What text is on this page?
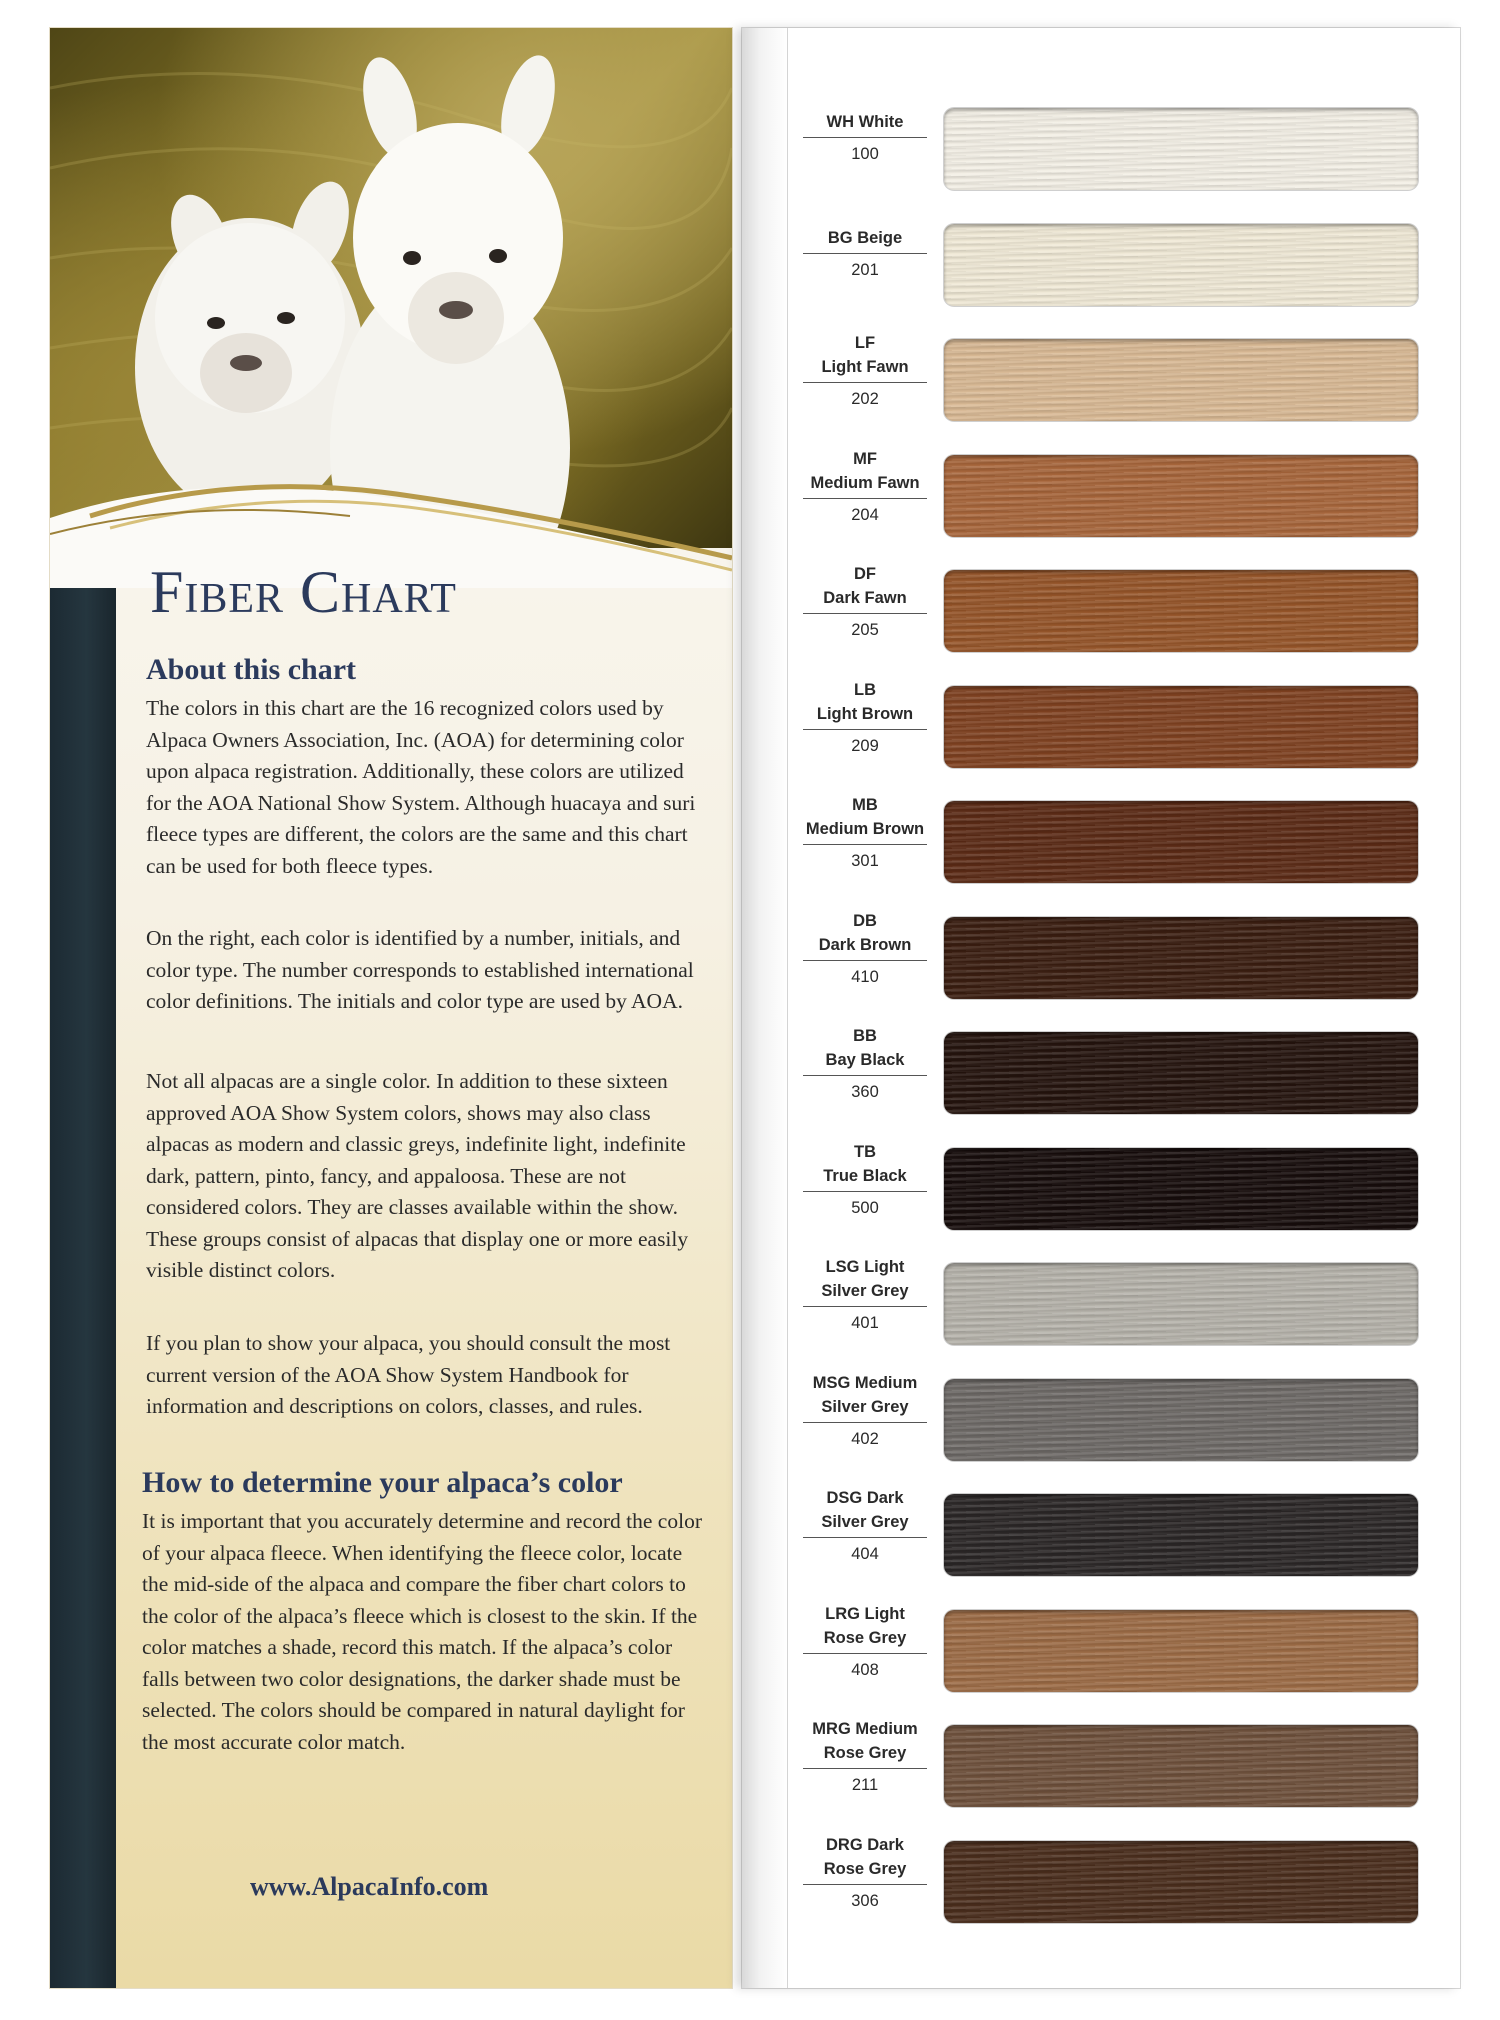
Fiber Chart
About this chart

The colors in this chart are the 16 recognized colors used by Alpaca Owners Association, Inc. (AOA) for determining color upon alpaca registration. Additionally, these colors are utilized for the AOA National Show System. Although huacaya and suri fleece types are different, the colors are the same and this chart can be used for both fleece types.

On the right, each color is identified by a number, initials, and color type. The number corresponds to established international color definitions. The initials and color type are used by AOA.

Not all alpacas are a single color. In addition to these sixteen approved AOA Show System colors, shows may also class alpacas as modern and classic greys, indefinite light, indefinite dark, pattern, pinto, fancy, and appaloosa. These are not considered colors. They are classes available within the show. These groups consist of alpacas that display one or more easily visible distinct colors.

If you plan to show your alpaca, you should consult the most current version of the AOA Show System Handbook for information and descriptions on colors, classes, and rules.

How to determine your alpaca’s color

It is important that you accurately determine and record the color of your alpaca fleece. When identifying the fleece color, locate the mid-side of the alpaca and compare the fiber chart colors to the color of the alpaca’s fleece which is closest to the skin. If the color matches a shade, record this match. If the alpaca’s color falls between two color designations, the darker shade must be selected. The colors should be compared in natural daylight for the most accurate color match.

www.AlpacaInfo.com

WH White
100
BG Beige
201
LF
Light Fawn
202
MF
Medium Fawn
204
DF
Dark Fawn
205
LB
Light Brown
209
MB
Medium Brown
301
DB
Dark Brown
410
BB
Bay Black
360
TB
True Black
500
LSG Light
Silver Grey
401
MSG Medium
Silver Grey
402
DSG Dark
Silver Grey
404
LRG Light
Rose Grey
408
MRG Medium
Rose Grey
211
DRG Dark
Rose Grey
306
